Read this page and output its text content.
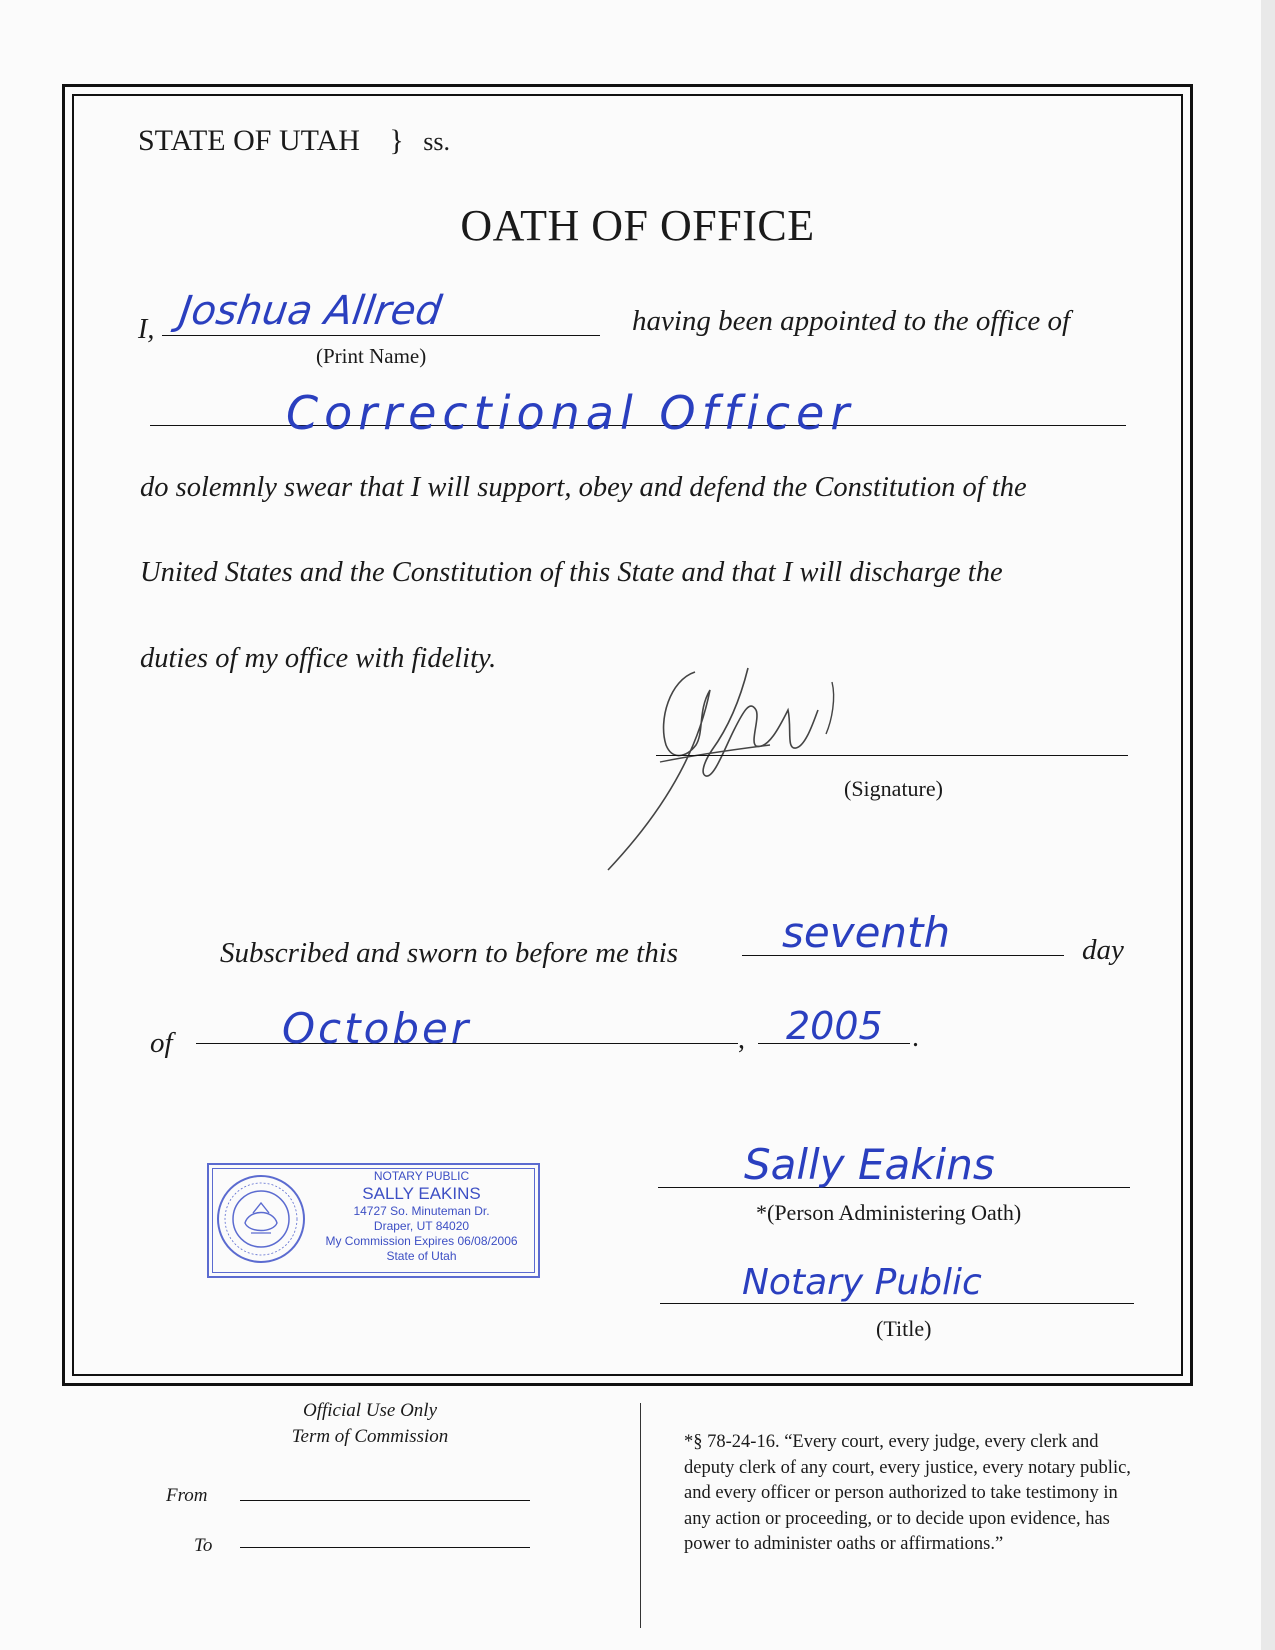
STATE OF UTAH } ss.
OATH OF OFFICE
I, Joshua Allred
(Print Name)
having been appointed to the office of
Correctional Officer
do solemnly swear that I will support, obey and defend the Constitution of the
United States and the Constitution of this State and that I will discharge the
duties of my office with fidelity.
(Signature)
Subscribed and sworn to before me this seventh	day
of	October	, 2005 .
NOTARY PUBLIC
SALLY EAKINS
14727 So. Minuteman Dr.
Draper, UT 84020
My Commission Expires 06/08/2006
State of Utah
Sally Eakins
*(Person Administering Oath)
Notary Public
(Title)
Official Use Only
Term of Commission
From
To
*§ 78-24-16. “Every court, every judge, every clerk and
deputy clerk of any court, every justice, every notary public,
and every officer or person authorized to take testimony in
any action or proceeding, or to decide upon evidence, has
power to administer oaths or affirmations.”
